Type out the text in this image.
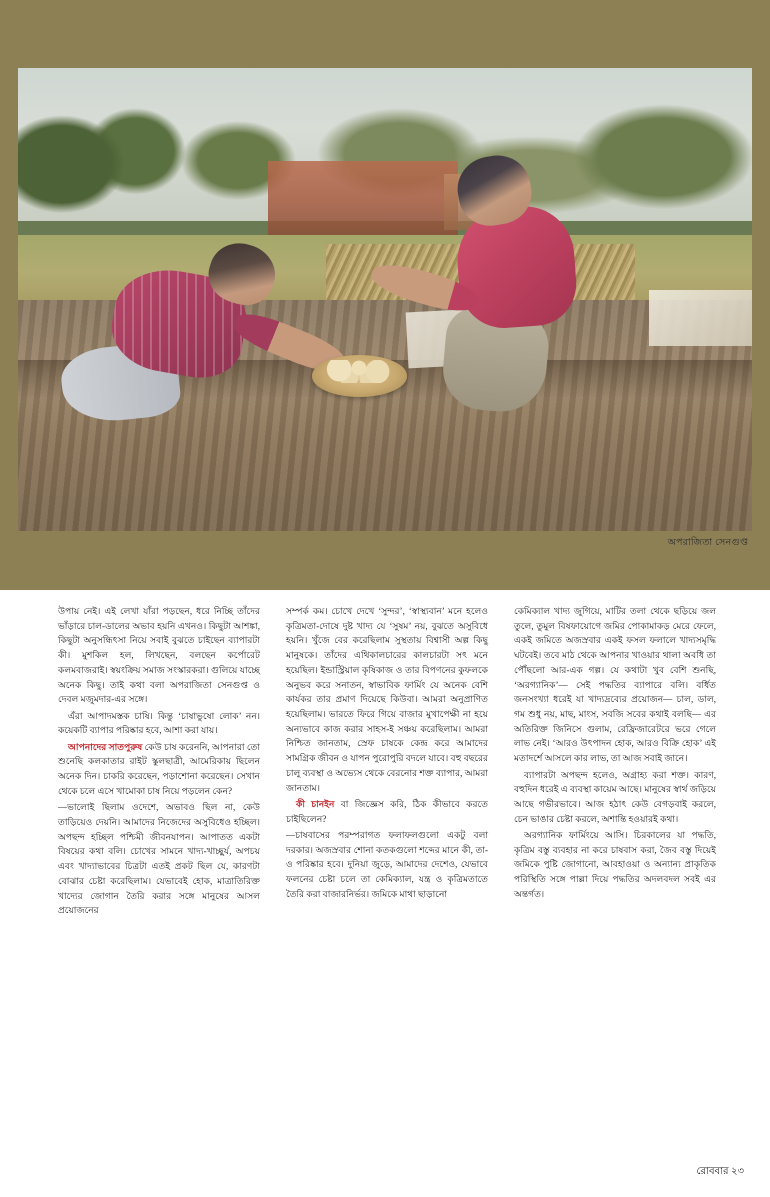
অপরাজিতা সেনগুপ্ত

উপায় নেই। এই লেখা যাঁরা পড়ছেন, ধরে নিচ্ছি তাঁদের ভাঁড়ারে চাল-ডালের অভাব হয়নি এখনও। কিছুটা আশঙ্কা, কিছুটা অনুসন্ধিৎসা নিয়ে সবাই বুঝতে চাইছেন ব্যাপারটা কী। মুশকিল হল, লিখছেন, বলছেন কর্পোরেট কলমবাজরাই। স্বয়ংক্রিয় সমাজ সংস্কারকরা। গুলিয়ে যাচ্ছে অনেক কিছু। তাই কথা বলা অপরাজিতা সেনগুপ্ত ও দেবল মজুমদার-এর সঙ্গে।

এঁরা আপাদমস্তক চাষি। কিন্তু ‘চাষাভুষো লোক’ নন। কয়েকটি ব্যাপার পরিষ্কার হবে, আশা করা যায়।

আপনাদের সাতপুরুষ কেউ চাষ করেননি, আপনারা তো শুনেছি কলকাতার রাইট স্কুলছাত্রী, আমেরিকায় ছিলেন অনেক দিন। চাকরি করেছেন, পড়াশোনা করেছেন। সেখান থেকে চলে এসে খামোকা চাষ নিয়ে পড়লেন কেন?

—ভালোই ছিলাম ওদেশে, অভাবও ছিল না, কেউ তাড়িয়েও দেয়নি। আমাদের নিজেদের অসুবিধেও হচ্ছিল। অপছন্দ হচ্ছিল পশ্চিমী জীবনযাপন। আপাতত একটা বিষয়ের কথা বলি। চোখের সামনে খাদ্য-খাচ্ছুর্য, অপচয় এবং খাদ্যাভাবের চিত্রটা এতই প্রকট ছিল যে, কারণটা বোঝার চেষ্টা করেছিলাম। যেভাবেই হোক, মাত্রাতিরিক্ত খাদ্যের জোগান তৈরি করার সঙ্গে মানুষের আসল প্রয়োজনের

সম্পর্ক কম। চোখে দেখে ‘সুন্দর’, ‘স্বাস্থ্যবান’ মনে হলেও কৃত্রিমতা-দোষে দুষ্ট খাদ্য যে ‘সুষম’ নয়, বুঝতে অসুবিধে হয়নি। খুঁজে বের করেছিলাম সুস্থতায় বিশ্বাসী অল্প কিছু মানুষকে। তাঁদের এথিকালচারের কালচারটা সৎ মনে হয়েছিল। ইন্ডাস্ট্রিয়াল কৃষিকাজ ও তার বিপণনের কুফলকে অনুভব করে সনাতন, স্বাভাবিক ফার্মিং যে অনেক বেশি কার্যকর তার প্রমাণ দিয়েছে কিউবা। আমরা অনুপ্রাণিত হয়েছিলাম। ভারতে ফিরে গিয়ে বাজার মুখাপেক্ষী না হয়ে অন্যভাবে কাজ করার সাহস-ই সঞ্চয় করেছিলাম। আমরা নিশ্চিত জানতাম, স্রেফ চাষকে কেন্দ্র করে আমাদের সামগ্রিক জীবন ও যাপন পুরোপুরি বদলে যাবে। বহু বছরের চালু ব্যবস্থা ও অভ্যেস থেকে বেরনোর শক্ত ব্যাপার, আমরা জানতাম।

কী চানইন বা জিজ্ঞেস করি, ঠিক কীভাবে করতে চাইছিলেন?

—চাষবাসের পরম্পরাগত ফলাফলগুলো একটু বলা দরকার। অজস্রবার শোনা কতকগুলো শব্দের মানে কী, তা-ও পরিষ্কার হবে। দুনিয়া জুড়ে, আমাদের দেশেও, যেভাবে ফলনের চেষ্টা চলে তা কেমিক্যাল, যন্ত্র ও কৃত্রিমতাতে তৈরি করা বাজারনির্ভর। জমিকে মাথা ছাড়ানো

কেমিক্যাল খাদ্য জুগিয়ে, মাটির তলা থেকে ছড়িয়ে জল তুলে, তুমুল বিষফায়োগে জমির পোকামাকড় মেরে ফেলে, একই জমিতে অজস্রবার একই ফসল ফলালে খাদ্যসমৃদ্ধি ঘটবেই। তবে মাঠ থেকে আপনার খাওয়ার থালা অবধি তা পৌঁছলো আর-এক গল্প। যে কথাটা খুব বেশি শুনছি, ‘অরগ্যানিক’— সেই পদ্ধতির ব্যাপারে বলি। বর্ধিত জনসংখ্যা ধরেই যা খাদ্যদ্রব্যের প্রয়োজন— চাল, ডাল, গম শুধু নয়, মাছ, মাংস, সবজি সবের কথাই বলছি— এর অতিরিক্ত জিনিসে গুলাম, রেফ্রিজারেটরে ভরে গেলে লাভ নেই। ‘আরও উৎপাদন হোক, আরও বিক্রি হোক’ এই মতাদর্শে আসলে কার লাভ, তা আজ সবাই জানে।

ব্যাপারটা অপছন্দ হলেও, অগ্রাহ্য করা শক্ত। কারণ, বহুদিন ধরেই এ ব্যবস্থা কায়েম আছে। মানুষের স্বার্থ জড়িয়ে আছে গভীরভাবে। আজ হঠাৎ কেউ বেগড়বাই করলে, চেন ভাঙার চেষ্টা করলে, অশান্তি হওয়ারই কথা।

অরগ্যানিক ফার্মিংয়ে আসি। চিরকালের যা পদ্ধতি, কৃত্রিম বস্তু ব্যবহার না করে চাষবাস করা, জৈব বস্তু দিয়েই জমিকে পুষ্টি জোগানো, আবহাওয়া ও অন্যান্য প্রাকৃতিক পরিস্থিতি সঙ্গে পাল্লা দিয়ে পদ্ধতির অদলবদল সবই এর অন্তর্গত।

রোববার ২৩
